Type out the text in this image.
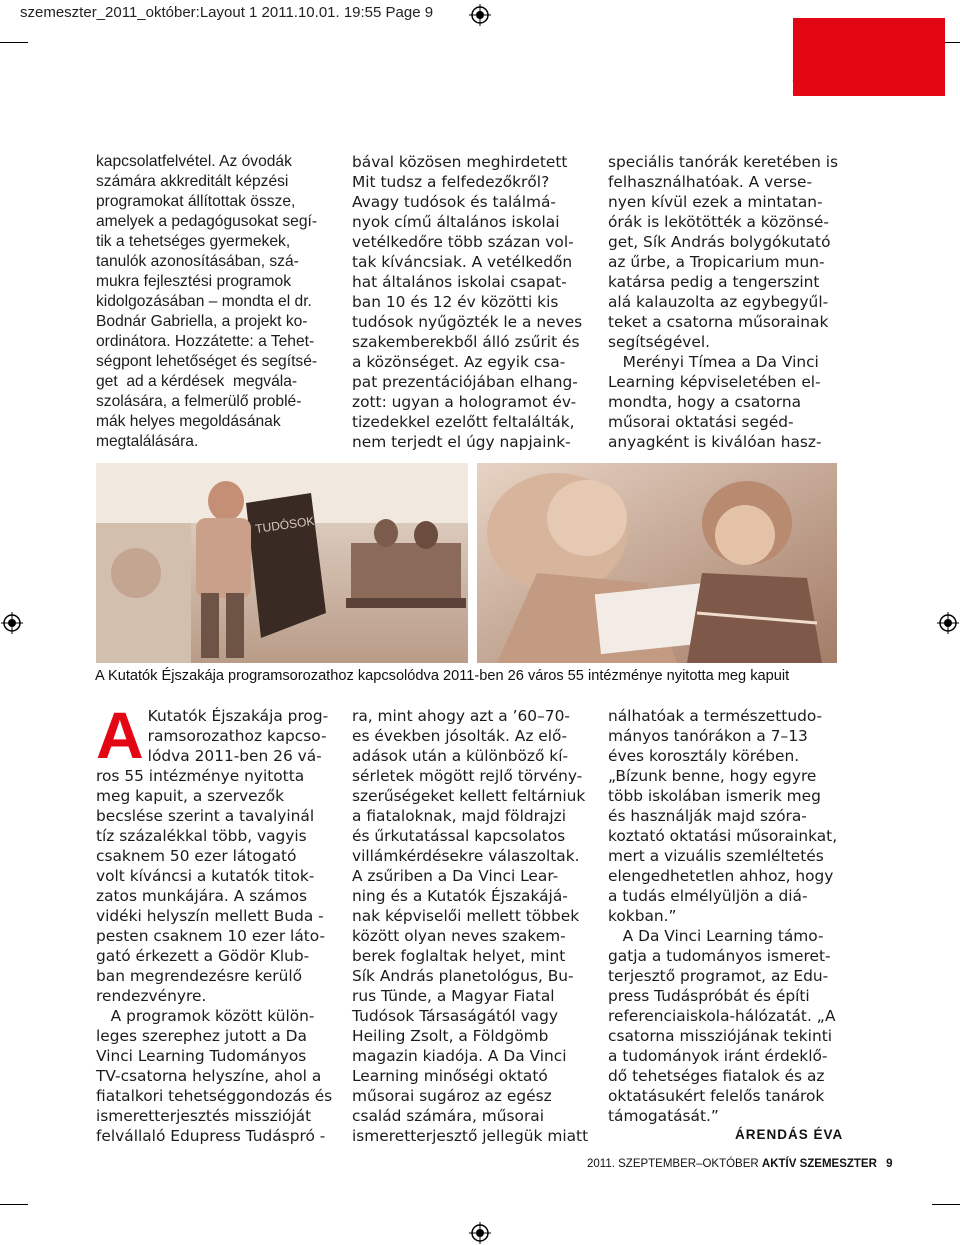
szemeszter_2011_október:Layout 1 2011.10.01. 19:55 Page 9
NAGYÍTÓ
kapcsolatfelvétel. Az óvodák
számára akkreditált képzési
programokat állítottak össze,
amelyek a pedagógusokat segí-
tik a tehetséges gyermekek,
tanulók azonosításában, szá-
mukra fejlesztési programok
kidolgozásában – mondta el dr.
Bodnár Gabriella, a projekt ko-
ordinátora. Hozzátette: a Tehet-
ségpont lehetőséget és segítsé-
get  ad a kérdések  megvála-
szolására, a felmerülő problé-
mák helyes megoldásának
megtalálására.
bával közösen meghirdetett
Mit tudsz a felfedezőkről?
Avagy tudósok és találmá-
nyok című általános iskolai
vetélkedőre több százan vol-
tak kíváncsiak. A vetélkedőn
hat általános iskolai csapat-
ban 10 és 12 év közötti kis
tudósok nyűgözték le a neves
szakemberekből álló zsűrit és
a közönséget. Az egyik csa-
pat prezentációjában elhang-
zott: ugyan a hologramot év-
tizedekkel ezelőtt feltalálták,
nem terjedt el úgy napjaink-
speciális tanórák keretében is
felhasználhatóak. A verse-
nyen kívül ezek a mintatan-
órák is lekötötték a közönsé-
get, Sík András bolygókutató
az űrbe, a Tropicarium mun-
katársa pedig a tengerszint
alá kalauzolta az egybegyűl-
teket a csatorna műsorainak
segítségével.
Merényi Tímea a Da Vinci
Learning képviseletében el-
mondta, hogy a csatorna
műsorai oktatási segéd-
anyagként is kiválóan hasz-
TUDÓSOK
A Kutatók Éjszakája programsorozathoz kapcsolódva 2011-ben 26 város 55 intézménye nyitotta meg kapuit
A Kutatók Éjszakája prog-
ramsorozathoz kapcso-
lódva 2011-ben 26 vá-
ros 55 intézménye nyitotta
meg kapuit, a szervezők
becslése szerint a tavalyinál
tíz százalékkal több, vagyis
csaknem 50 ezer látogató
volt kíváncsi a kutatók titok-
zatos munkájára. A számos
vidéki helyszín mellett Buda -
pesten csaknem 10 ezer láto-
gató érkezett a Gödör Klub-
ban megrendezésre kerülő
rendezvényre.
A programok között külön-
leges szerephez jutott a Da
Vinci Learning Tudományos
TV-csatorna helyszíne, ahol a
fiatalkori tehetséggondozás és
ismeretterjesztés misszióját
felvállaló Edupress Tudáspró -
ra, mint ahogy azt a ’60–70-
es években jósolták. Az elő-
adások után a különböző kí-
sérletek mögött rejlő törvény-
szerűségeket kellett feltárniuk
a fiataloknak, majd földrajzi
és űrkutatással kapcsolatos
villámkérdésekre válaszoltak.
A zsűriben a Da Vinci Lear-
ning és a Kutatók Éjszakájá-
nak képviselői mellett többek
között olyan neves szakem-
berek foglaltak helyet, mint
Sík András planetológus, Bu-
rus Tünde, a Magyar Fiatal
Tudósok Társaságától vagy
Heiling Zsolt, a Földgömb
magazin kiadója. A Da Vinci
Learning minőségi oktató
műsorai sugároz az egész
család számára, műsorai
ismeretterjesztő jellegük miatt
nálhatóak a természettudo-
mányos tanórákon a 7–13
éves korosztály körében.
„Bízunk benne, hogy egyre
több iskolában ismerik meg
és használják majd szóra-
koztató oktatási műsorainkat,
mert a vizuális szemléltetés
elengedhetetlen ahhoz, hogy
a tudás elmélyüljön a diá-
kokban.”
A Da Vinci Learning támo-
gatja a tudományos ismeret-
terjesztő programot, az Edu-
press Tudáspróbát és építi
referenciaiskola-hálózatát. „A
csatorna missziójának tekinti
a tudományok iránt érdeklő-
dő tehetséges fiatalok és az
oktatásukért felelős tanárok
támogatását.”
ÁRENDÁS ÉVA
2011. SZEPTEMBER–OKTÓBER AKTÍV SZEMESZTER 9
